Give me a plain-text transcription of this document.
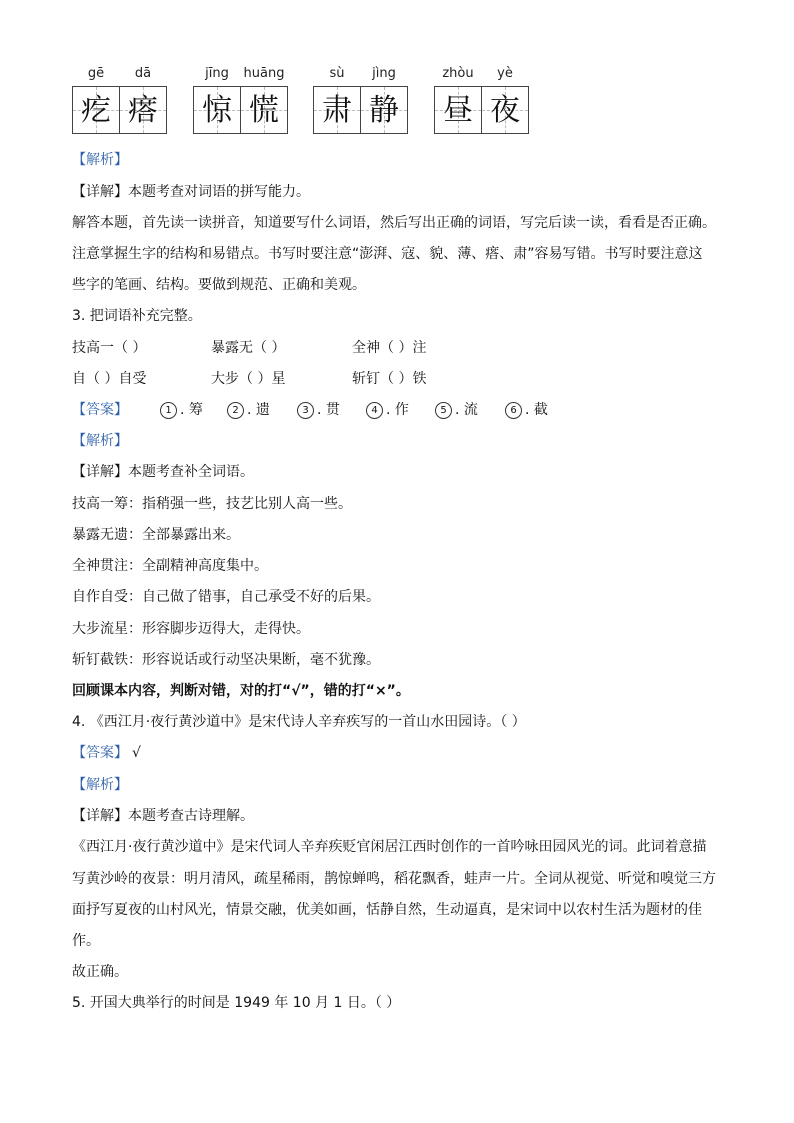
gē	dā
疙 瘩
jīng	huāng
惊 慌
sù	jìng
肃 静
zhòu	yè
昼 夜
【解析】
【详解】本题考查对词语的拼写能力。
解答本题，首先读一读拼音，知道要写什么词语，然后写出正确的词语，写完后读一读，看看是否正确。
注意掌握生字的结构和易错点。书写时要注意“澎湃、寇、貌、薄、瘩、肃”容易写错。书写时要注意这
些字的笔画、结构。要做到规范、正确和美观。
3. 把词语补充完整。
技高一（ ）	暴露无（ ）	全神（ ）注
自（ ）自受	大步（ ）星	斩钉（ ）铁
【答案】	1 . 筹	2 . 遗	3 . 贯	4 . 作	5 . 流	6 . 截
【解析】
【详解】本题考查补全词语。
技高一筹：指稍强一些，技艺比别人高一些。
暴露无遗：全部暴露出来。
全神贯注：全副精神高度集中。
自作自受：自己做了错事，自己承受不好的后果。
大步流星：形容脚步迈得大，走得快。
斩钉截铁：形容说话或行动坚决果断，毫不犹豫。
回顾课本内容，判断对错，对的打“√”，错的打“×”。
4. 《西江月·夜行黄沙道中》是宋代诗人辛弃疾写的一首山水田园诗。（ ）
【答案】 √
【解析】
【详解】本题考查古诗理解。
《西江月·夜行黄沙道中》是宋代词人辛弃疾贬官闲居江西时创作的一首吟咏田园风光的词。此词着意描
写黄沙岭的夜景：明月清风，疏星稀雨，鹊惊蝉鸣，稻花飘香，蛙声一片。全词从视觉、听觉和嗅觉三方
面抒写夏夜的山村风光，情景交融，优美如画，恬静自然，生动逼真，是宋词中以农村生活为题材的佳
作。
故正确。
5. 开国大典举行的时间是 1949 年 10 月 1 日。（ ）
